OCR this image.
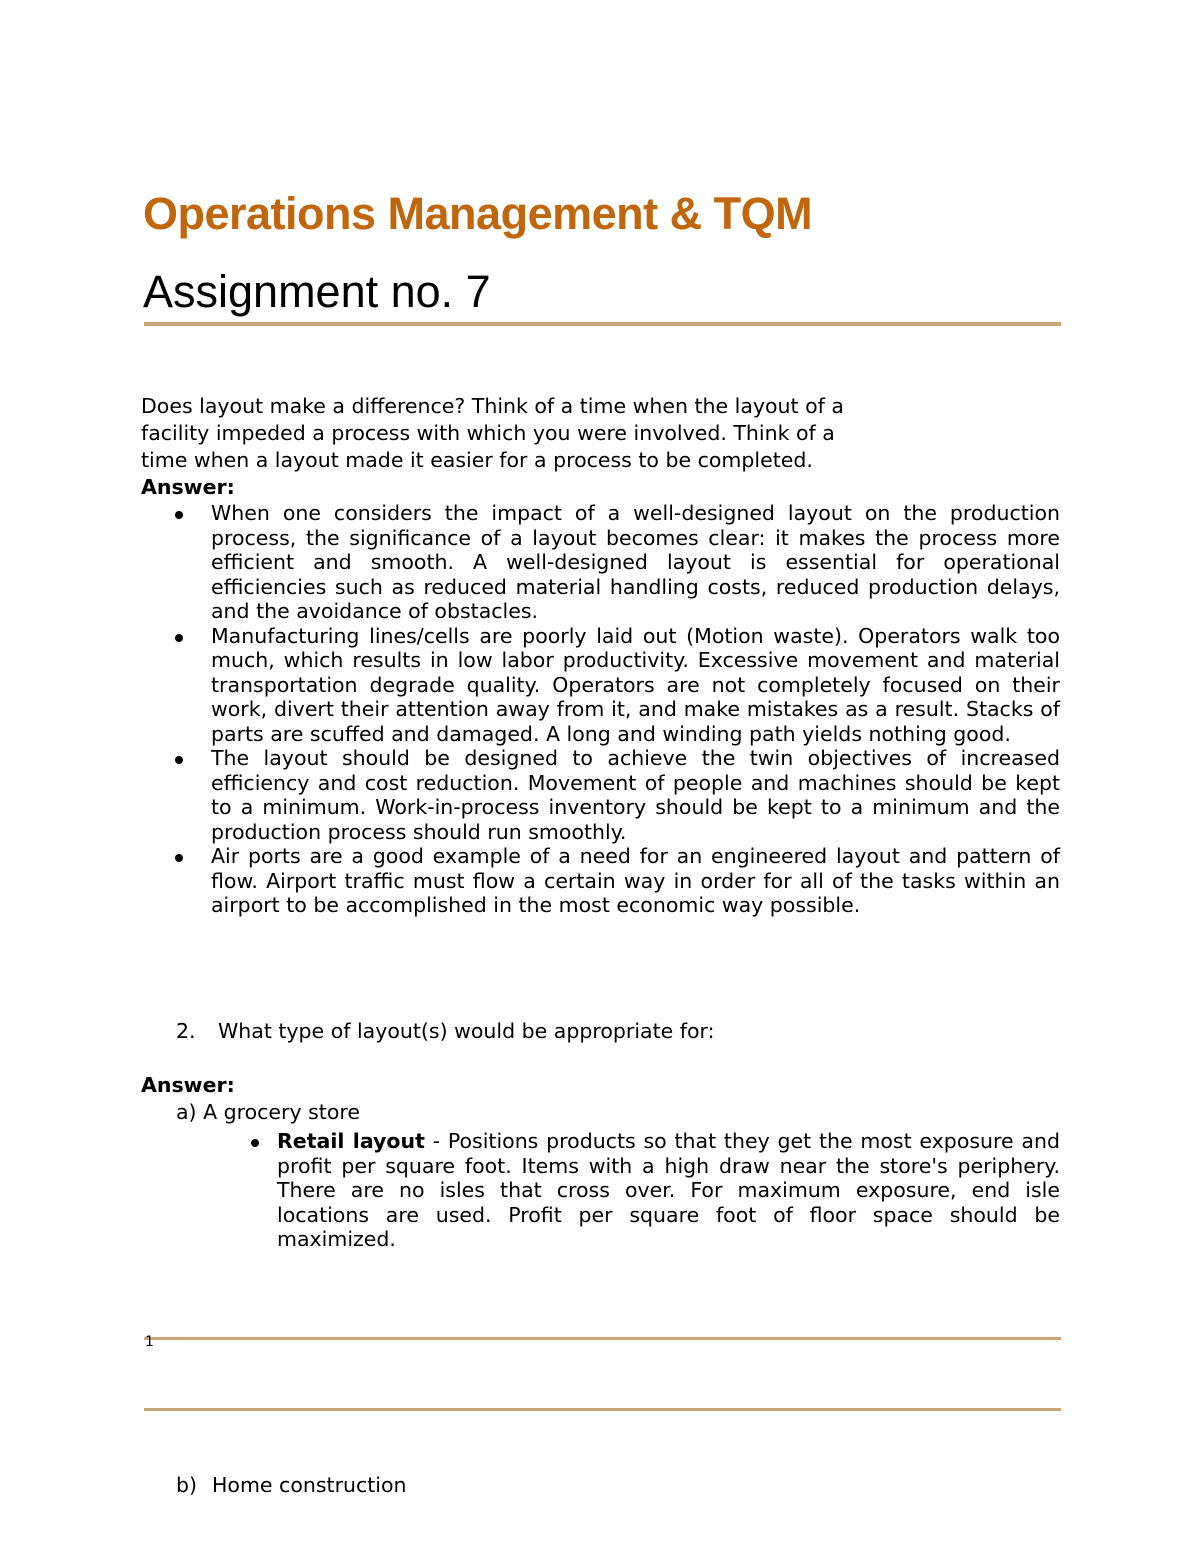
Operations Management & TQM
Assignment no. 7

Does layout make a difference? Think of a time when the layout of a

facility impeded a process with which you were involved. Think of a

time when a layout made it easier for a process to be completed.

Answer:
When one considers the impact of a well-designed layout on the production process, the significance of a layout becomes clear: it makes the process more efficient and smooth. A well-designed layout is essential for operational efficiencies such as reduced material handling costs, reduced production delays, and the avoidance of obstacles.
Manufacturing lines/cells are poorly laid out (Motion waste). Operators walk too much, which results in low labor productivity. Excessive movement and material transportation degrade quality. Operators are not completely focused on their work, divert their attention away from it, and make mistakes as a result. Stacks of parts are scuffed and damaged. A long and winding path yields nothing good.
The layout should be designed to achieve the twin objectives of increased efficiency and cost reduction. Movement of people and machines should be kept to a minimum. Work-in-process inventory should be kept to a minimum and the production process should run smoothly.
Air ports are a good example of a need for an engineered layout and pattern of flow. Airport traffic must flow a certain way in order for all of the tasks within an airport to be accomplished in the most economic way possible.
2. What type of layout(s) would be appropriate for:
Answer:
a) A grocery store
Retail layout - Positions products so that they get the most exposure and profit per square foot. Items with a high draw near the store's periphery. There are no isles that cross over. For maximum exposure, end isle locations are used. Profit per square foot of floor space should be maximized.
1
b) Home construction
